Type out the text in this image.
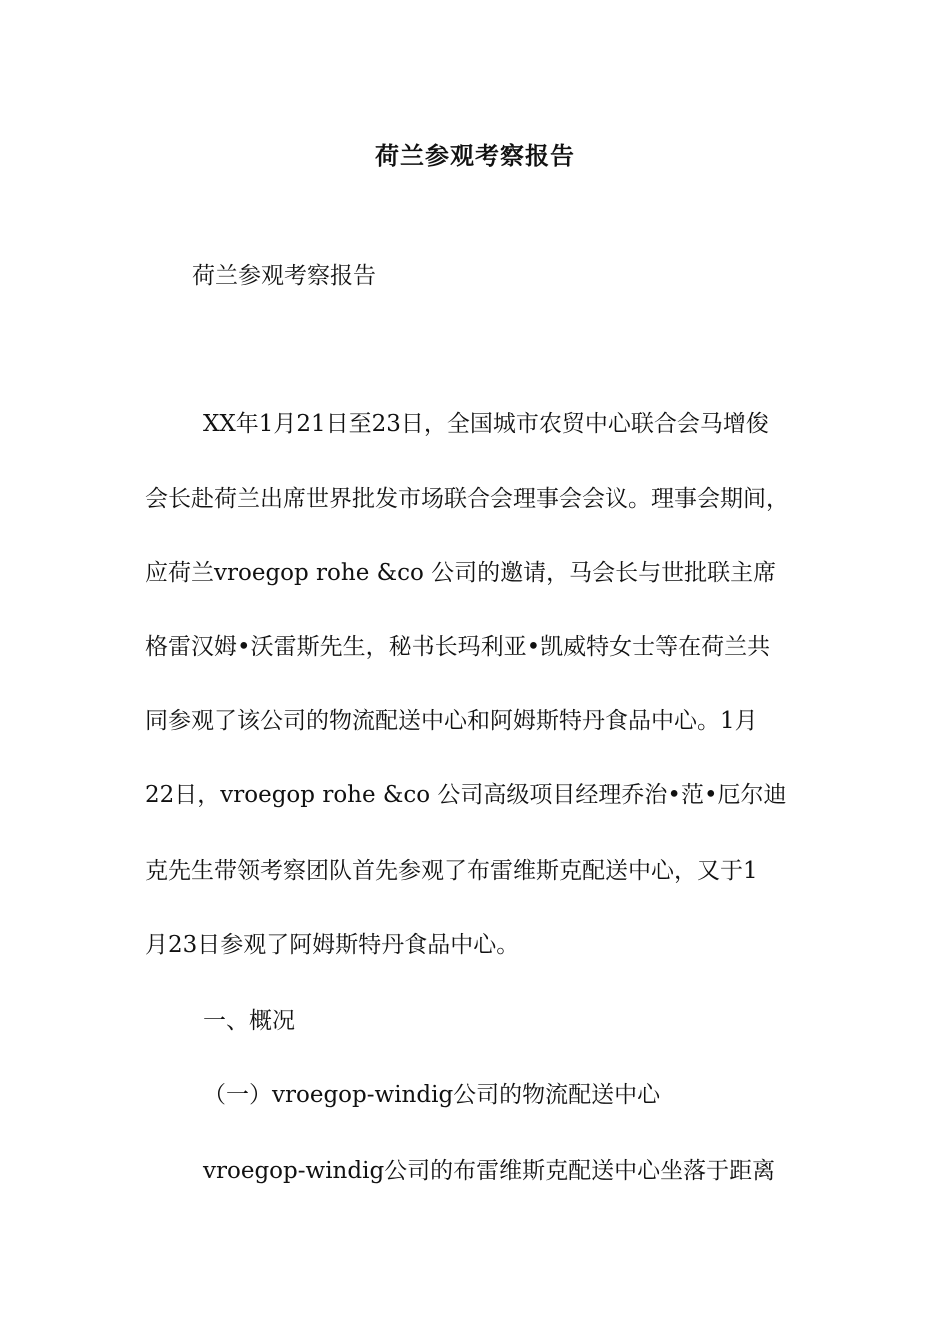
荷兰参观考察报告
荷兰参观考察报告
XX年1月21日至23日，全国城市农贸中心联合会马增俊
会长赴荷兰出席世界批发市场联合会理事会会议。理事会期间，
应荷兰vroegop rohe &co 公司的邀请，马会长与世批联主席
格雷汉姆•沃雷斯先生，秘书长玛利亚•凯威特女士等在荷兰共
同参观了该公司的物流配送中心和阿姆斯特丹食品中心。1月
22日，vroegop rohe &co 公司高级项目经理乔治•范•厄尔迪
克先生带领考察团队首先参观了布雷维斯克配送中心，又于1
月23日参观了阿姆斯特丹食品中心。
一、概况
（一）vroegop-windig公司的物流配送中心
vroegop-windig公司的布雷维斯克配送中心坐落于距离
